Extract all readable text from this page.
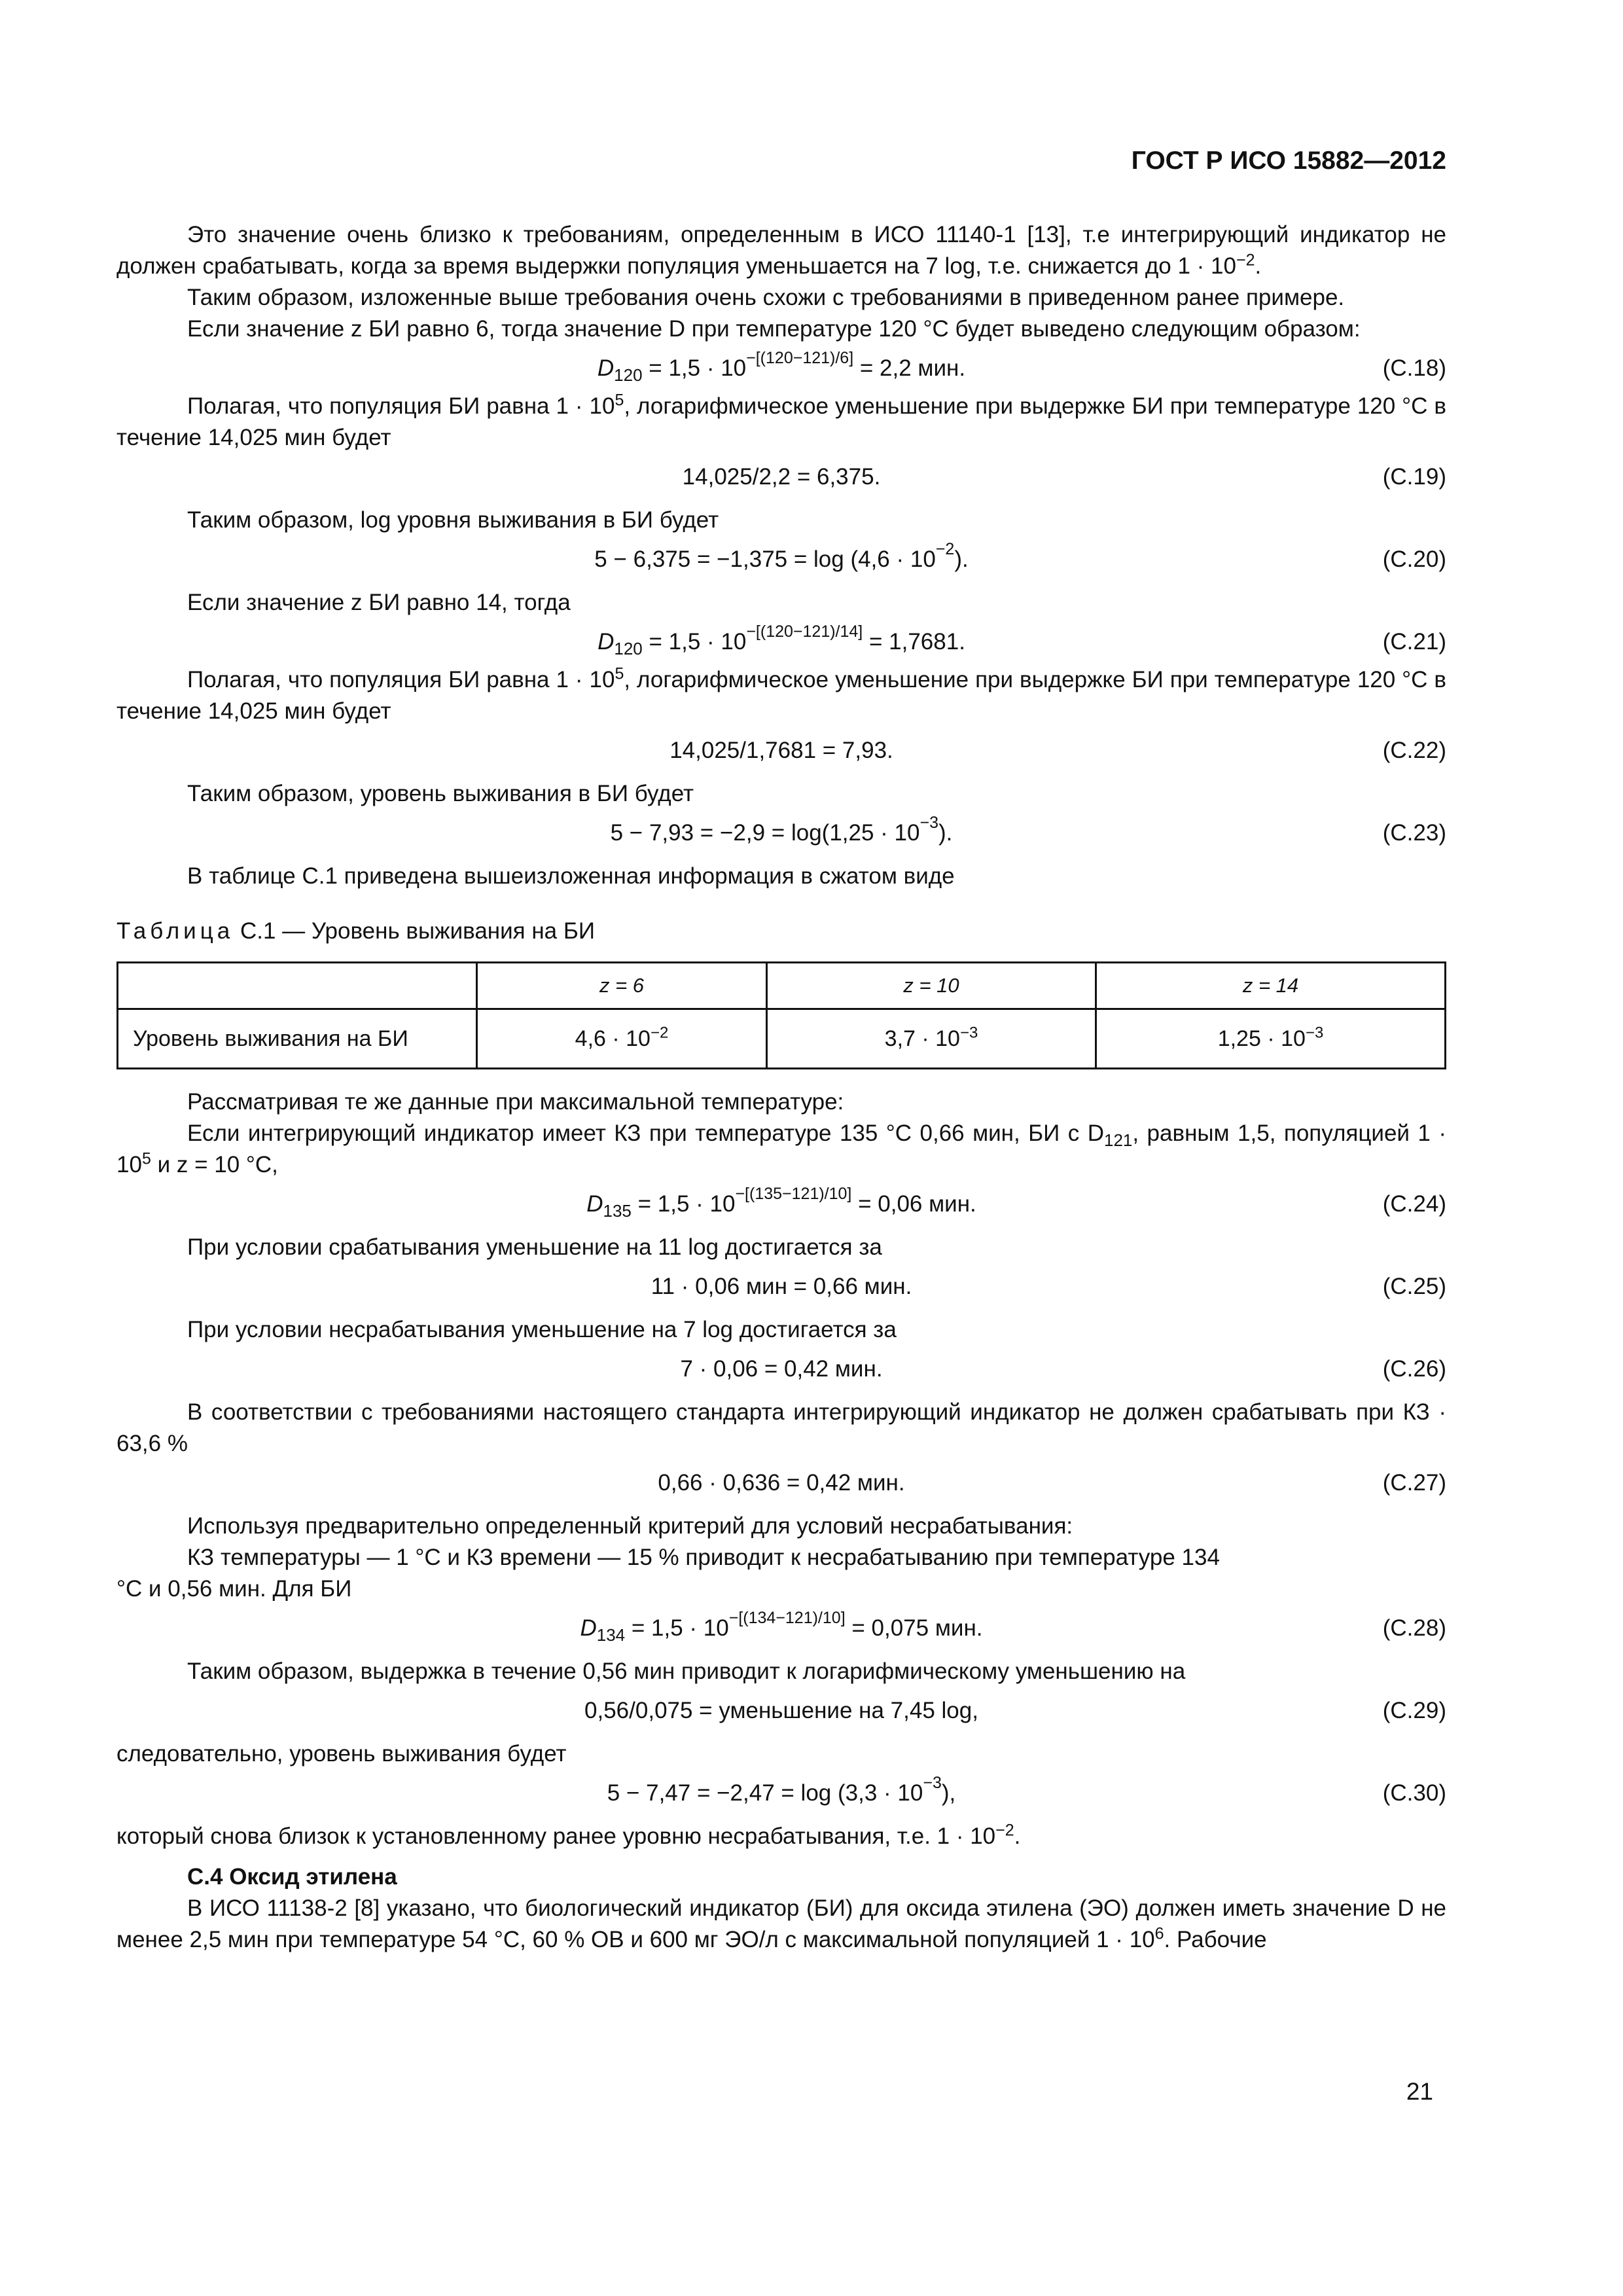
ГОСТ Р ИСО 15882—2012

Это значение очень близко к требованиям, определенным в ИСО 11140-1 [13], т.е интегрирующий индикатор не должен срабатывать, когда за время выдержки популяция уменьшается на 7 log, т.е. снижается до $1 \cdot 10^{-2}$.

Таким образом, изложенные выше требования очень схожи с требованиями в приведенном ранее примере.

Если значение z БИ равно 6, тогда значение D при температуре 120 °C будет выведено следующим образом:

$D_{120} = 1,5 \cdot 10^{-[(120-121)/6]} = 2,2$ мин.	(C.18)

Полагая, что популяция БИ равна $1 \cdot 10^5$, логарифмическое уменьшение при выдержке БИ при температуре 120 °C в течение 14,025 мин будет

14,025/2,2 = 6,375.	(C.19)

Таким образом, log уровня выживания в БИ будет

$5 - 6,375 = -1,375 = \log (4,6 \cdot 10^{-2})$.	(C.20)

Если значение z БИ равно 14, тогда

$D_{120} = 1,5 \cdot 10^{-[(120-121)/14]} = 1,7681$.	(C.21)

Полагая, что популяция БИ равна $1 \cdot 10^5$, логарифмическое уменьшение при выдержке БИ при температуре 120 °C в течение 14,025 мин будет

14,025/1,7681 = 7,93.	(C.22)

Таким образом, уровень выживания в БИ будет

$5 - 7,93 = -2,9 = \log(1,25 \cdot 10^{-3})$.	(C.23)

В таблице C.1 приведена вышеизложенная информация в сжатом виде

Таблица C.1 — Уровень выживания на БИ

	z = 6	z = 10	z = 14
Уровень выживания на БИ	$4,6 \cdot 10^{-2}$	$3,7 \cdot 10^{-3}$	$1,25 \cdot 10^{-3}$

Рассматривая те же данные при максимальной температуре:

Если интегрирующий индикатор имеет КЗ при температуре 135 °C 0,66 мин, БИ с $D_{121}$, равным 1,5, популяцией $1 \cdot 10^5$ и z = 10 °C,

$D_{135} = 1,5 \cdot 10^{-[(135-121)/10]} = 0,06$ мин.	(C.24)

При условии срабатывания уменьшение на 11 log достигается за

11 · 0,06 мин = 0,66 мин.	(C.25)

При условии несрабатывания уменьшение на 7 log достигается за

7 · 0,06 = 0,42 мин.	(C.26)

В соответствии с требованиями настоящего стандарта интегрирующий индикатор не должен срабатывать при КЗ · 63,6 %

0,66 · 0,636 = 0,42 мин.	(C.27)

Используя предварительно определенный критерий для условий несрабатывания:

КЗ температуры — 1 °C и КЗ времени — 15 % приводит к несрабатыванию при температуре 134 °C и 0,56 мин. Для БИ

$D_{134} = 1,5 \cdot 10^{-[(134-121)/10]} = 0,075$ мин.	(C.28)

Таким образом, выдержка в течение 0,56 мин приводит к логарифмическому уменьшению на

0,56/0,075 = уменьшение на 7,45 log,	(C.29)

следовательно, уровень выживания будет

$5 - 7,47 = -2,47 = \log (3,3 \cdot 10^{-3})$,	(C.30)

который снова близок к установленному ранее уровню несрабатывания, т.е. $1 \cdot 10^{-2}$.

C.4 Оксид этилена

В ИСО 11138-2 [8] указано, что биологический индикатор (БИ) для оксида этилена (ЭО) должен иметь значение D не менее 2,5 мин при температуре 54 °C, 60 % OB и 600 мг ЭО/л с максимальной популяцией $1 \cdot 10^6$. Рабочие

21
